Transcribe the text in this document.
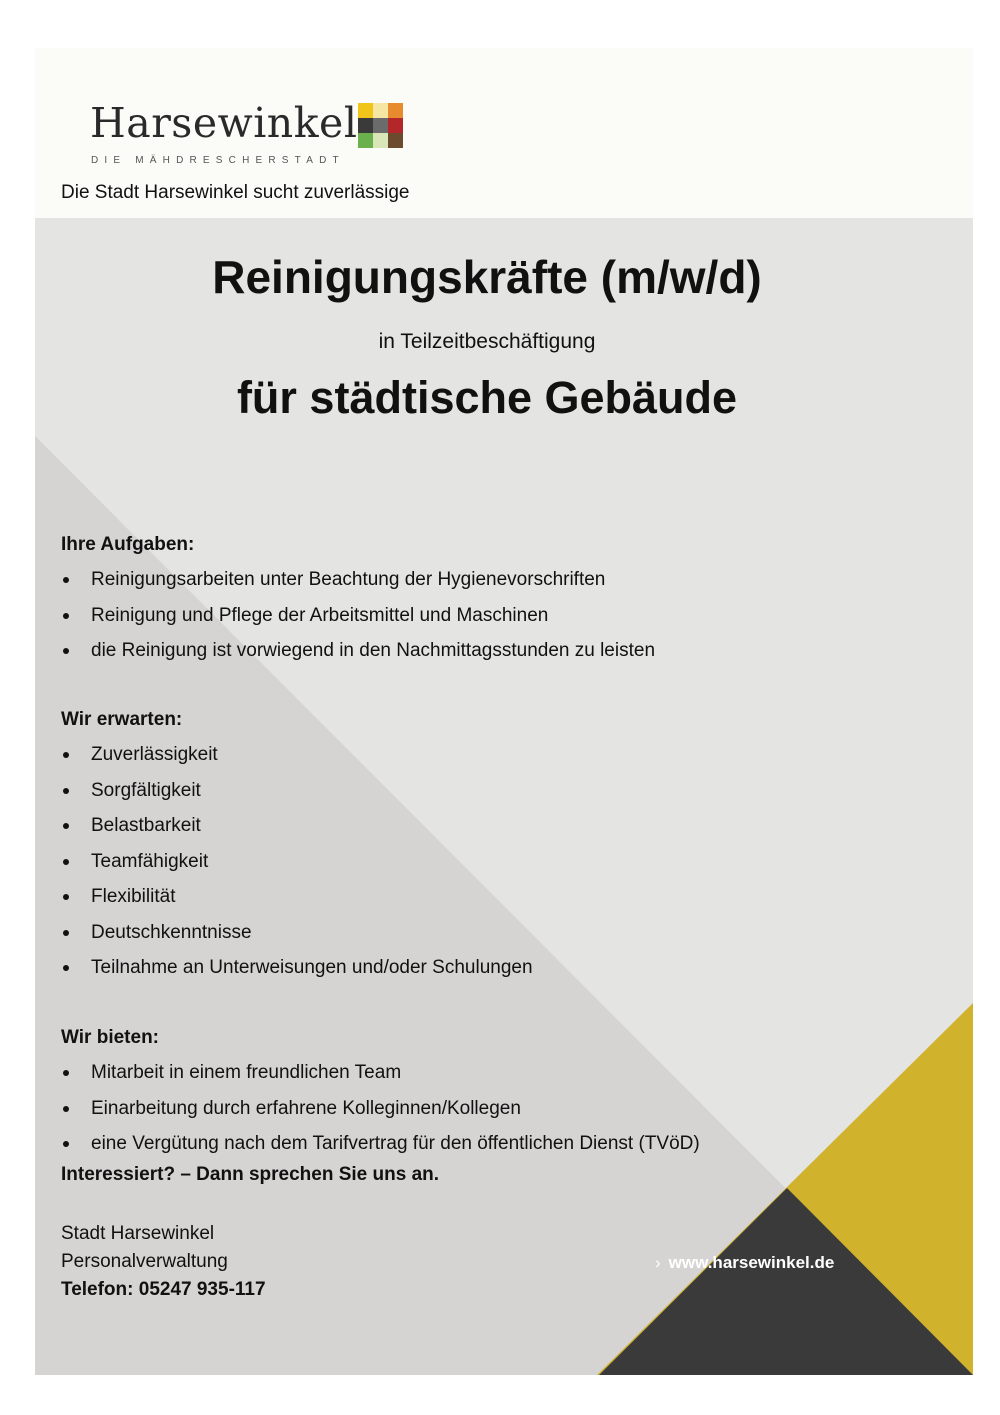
Harsewinkel
DIE MÄHDRESCHERSTADT
Die Stadt Harsewinkel sucht zuverlässige
Reinigungskräfte (m/w/d)
in Teilzeitbeschäftigung
für städtische Gebäude
Ihre Aufgaben:
Reinigungsarbeiten unter Beachtung der Hygienevorschriften
Reinigung und Pflege der Arbeitsmittel und Maschinen
die Reinigung ist vorwiegend in den Nachmittagsstunden zu leisten
Wir erwarten:
Zuverlässigkeit
Sorgfältigkeit
Belastbarkeit
Teamfähigkeit
Flexibilität
Deutschkenntnisse
Teilnahme an Unterweisungen und/oder Schulungen
Wir bieten:
Mitarbeit in einem freundlichen Team
Einarbeitung durch erfahrene Kolleginnen/Kollegen
eine Vergütung nach dem Tarifvertrag für den öffentlichen Dienst (TVöD)
Interessiert? – Dann sprechen Sie uns an.
Stadt Harsewinkel
Personalverwaltung
Telefon: 05247 935-117
› www.harsewinkel.de
